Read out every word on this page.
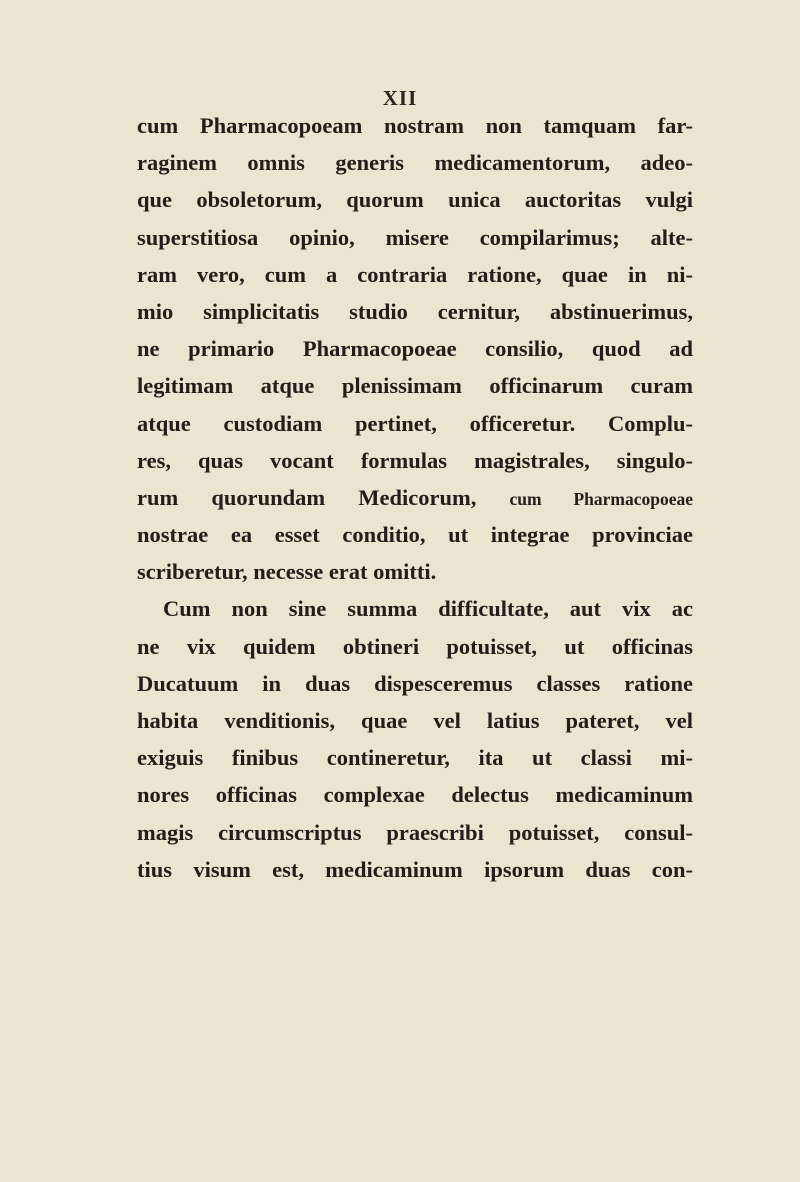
XII
cum Pharmacopoeam nostram non tamquam far-
raginem omnis generis medicamentorum, adeo-
que obsoletorum, quorum unica auctoritas vulgi
superstitiosa opinio, misere compilarimus; alte-
ram vero, cum a contraria ratione, quae in ni-
mio simplicitatis studio cernitur, abstinuerimus,
ne primario Pharmacopoeae consilio, quod ad
legitimam atque plenissimam officinarum curam
atque custodiam pertinet, officeretur. Complu-
res, quas vocant formulas magistrales, singulo-
rum quorundam Medicorum, cum Pharmacopoeae
nostrae ea esset conditio, ut integrae provinciae
scriberetur, necesse erat omitti.
Cum non sine summa difficultate, aut vix ac
ne vix quidem obtineri potuisset, ut officinas
Ducatuum in duas dispesceremus classes ratione
habita venditionis, quae vel latius pateret, vel
exiguis finibus contineretur, ita ut classi mi-
nores officinas complexae delectus medicaminum
magis circumscriptus praescribi potuisset, consul-
tius visum est, medicaminum ipsorum duas con-
